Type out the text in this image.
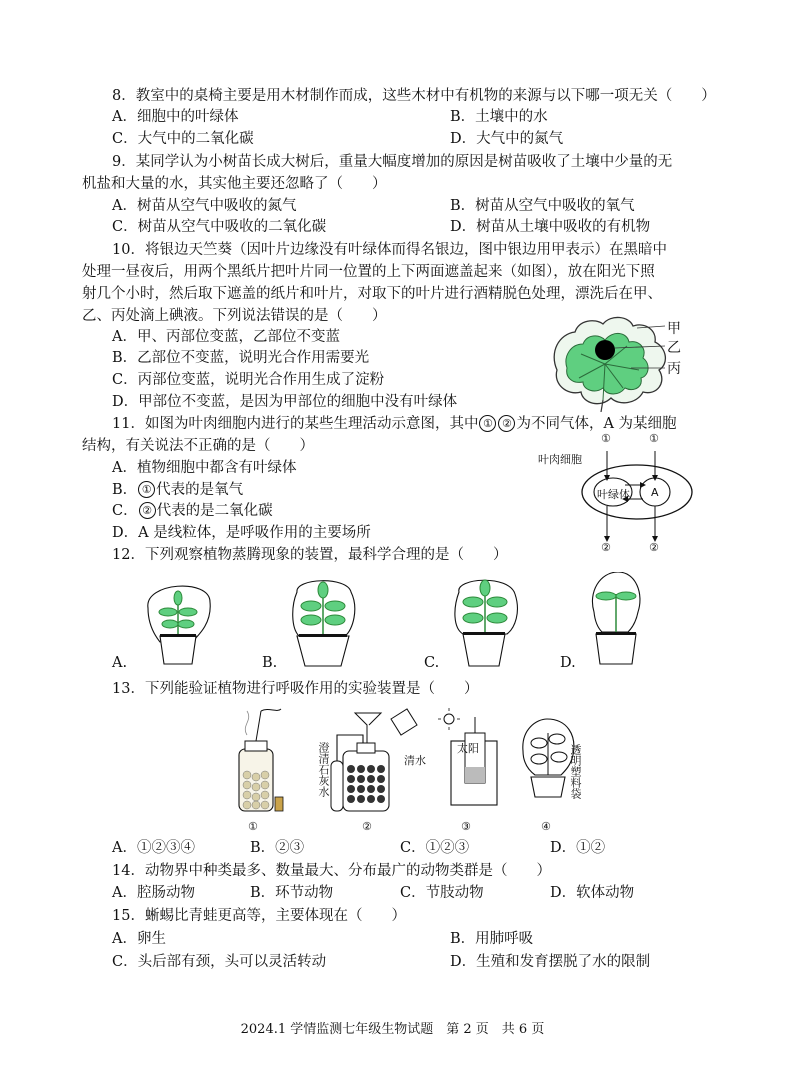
8．教室中的桌椅主要是用木材制作而成，这些木材中有机物的来源与以下哪一项无关（　　）
A．细胞中的叶绿体	B．土壤中的水
C．大气中的二氧化碳	D．大气中的氮气
9．某同学认为小树苗长成大树后，重量大幅度增加的原因是树苗吸收了土壤中少量的无
机盐和大量的水，其实他主要还忽略了（　　）
A．树苗从空气中吸收的氮气	B．树苗从空气中吸收的氧气
C．树苗从空气中吸收的二氧化碳	D．树苗从土壤中吸收的有机物
10．将银边天竺葵（因叶片边缘没有叶绿体而得名银边，图中银边用甲表示）在黑暗中
处理一昼夜后，用两个黑纸片把叶片同一位置的上下两面遮盖起来（如图），放在阳光下照
射几个小时，然后取下遮盖的纸片和叶片，对取下的叶片进行酒精脱色处理，漂洗后在甲、
乙、丙处滴上碘液。下列说法错误的是（　　）
A．甲、丙部位变蓝，乙部位不变蓝
B．乙部位不变蓝，说明光合作用需要光
C．丙部位变蓝，说明光合作用生成了淀粉
D．甲部位不变蓝，是因为甲部位的细胞中没有叶绿体
甲
乙
丙
11．如图为叶肉细胞内进行的某些生理活动示意图，其中 ① ② 为不同气体，A 为某细胞
结构，有关说法不正确的是（　　）
A．植物细胞中都含有叶绿体
B． ① 代表的是氧气
C． ② 代表的是二氧化碳
D．A 是线粒体，是呼吸作用的主要场所
叶肉细胞
叶绿体 A
①	①
②	②
12．下列观察植物蒸腾现象的装置，最科学合理的是（　　）
A.	B.	C.	D.
13．下列能验证植物进行呼吸作用的实验装置是（　　）
澄清石灰水	清水
太阳	透明塑料袋
①	②	③	④
A．①②③④	B．②③	C．①②③	D．①②
14．动物界中种类最多、数量最大、分布最广的动物类群是（　　）
A．腔肠动物	B．环节动物	C．节肢动物	D．软体动物
15．蜥蜴比青蛙更高等，主要体现在（　　）
A．卵生	B．用肺呼吸
C．头后部有颈，头可以灵活转动	D．生殖和发育摆脱了水的限制
2024.1 学情监测七年级生物试题　第 2 页　共 6 页
